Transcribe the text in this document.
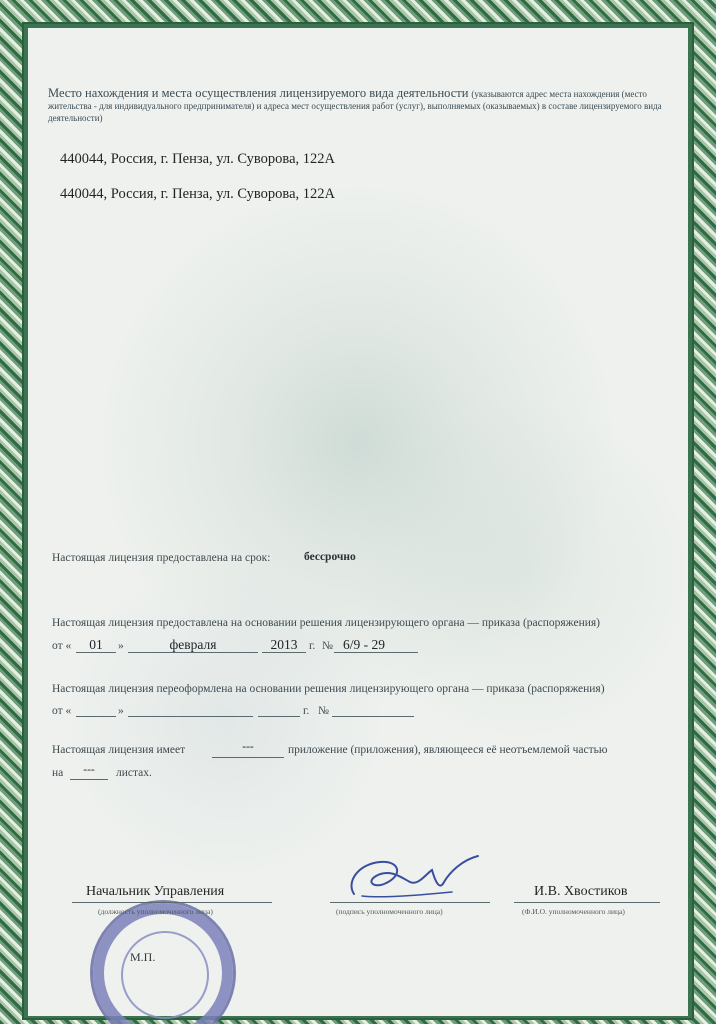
Место нахождения и места осуществления лицензируемого вида деятельности (указываются адрес места нахождения (место жительства - для индивидуального предпринимателя) и адреса мест осуществления работ (услуг), выполняемых (оказываемых) в составе лицензируемого вида деятельности)
440044, Россия, г. Пенза, ул. Суворова, 122А
440044, Россия, г. Пенза, ул. Суворова, 122А
Настоящая лицензия предоставлена на срок:	бессрочно
Настоящая лицензия предоставлена на основании решения лицензирующего органа — приказа (распоряжения)
от «	01	»	февраля	2013	г. № 6/9 - 29
Настоящая лицензия переоформлена на основании решения лицензирующего органа — приказа (распоряжения)
от «	»	г. №
Настоящая лицензия имеет	---	приложение (приложения), являющееся её неотъемлемой частью
на	---	листах.
Начальник Управления
(должность уполномоченного лица)	(подпись уполномоченного лица)
И.В. Хвостиков
(Ф.И.О. уполномоченного лица)
М.П.
